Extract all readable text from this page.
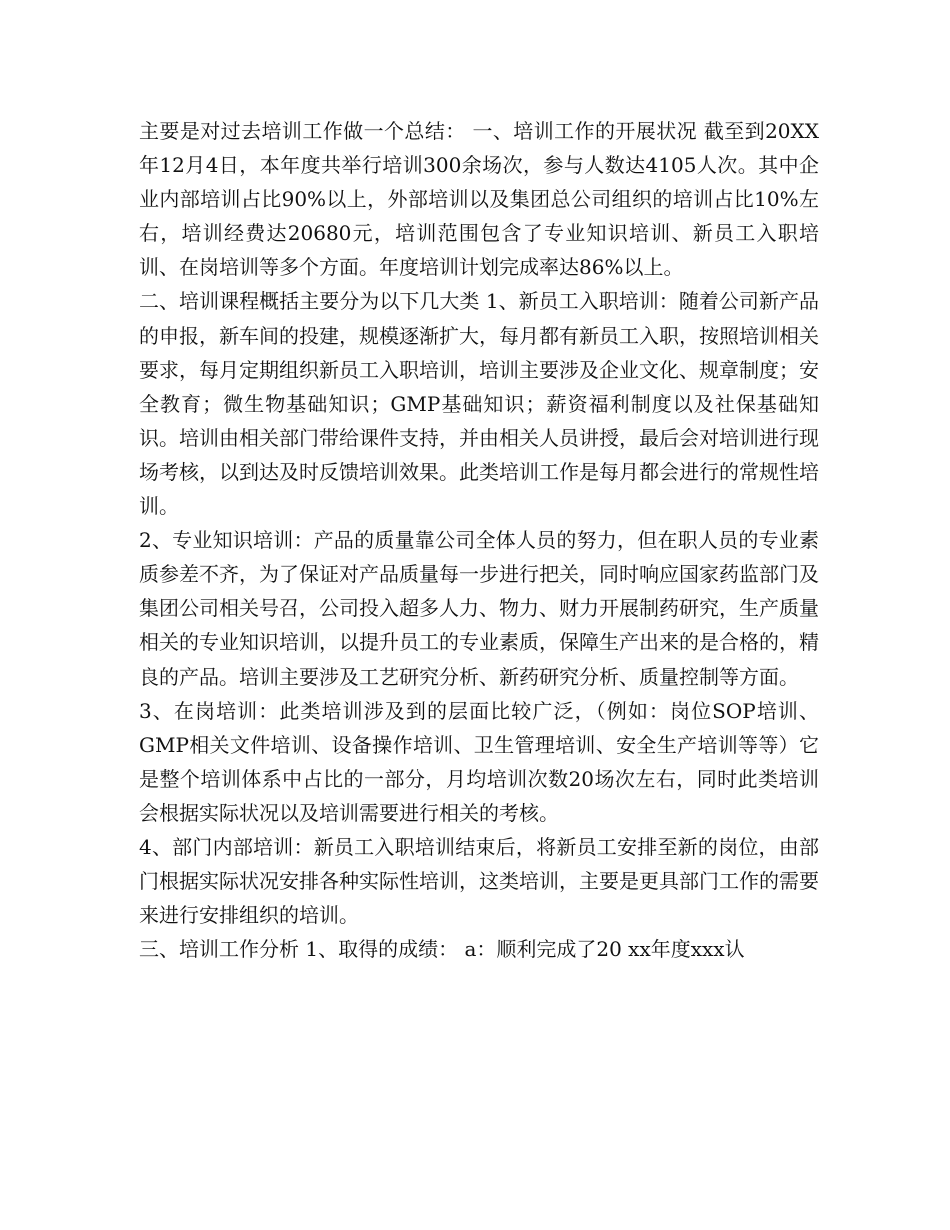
主要是对过去培训工作做一个总结： 一、培训工作的开展状况 截至到20XX年12月4日，本年度共举行培训300余场次，参与人数达4105人次。其中企业内部培训占比90%以上，外部培训以及集团总公司组织的培训占比10%左右，培训经费达20680元，培训范围包含了专业知识培训、新员工入职培训、在岗培训等多个方面。年度培训计划完成率达86%以上。

二、培训课程概括主要分为以下几大类 1、新员工入职培训：随着公司新产品的申报，新车间的投建，规模逐渐扩大，每月都有新员工入职，按照培训相关要求，每月定期组织新员工入职培训，培训主要涉及企业文化、规章制度；安全教育；微生物基础知识；GMP基础知识；薪资福利制度以及社保基础知识。培训由相关部门带给课件支持，并由相关人员讲授，最后会对培训进行现场考核，以到达及时反馈培训效果。此类培训工作是每月都会进行的常规性培训。

2、专业知识培训：产品的质量靠公司全体人员的努力，但在职人员的专业素质参差不齐，为了保证对产品质量每一步进行把关，同时响应国家药监部门及集团公司相关号召，公司投入超多人力、物力、财力开展制药研究，生产质量相关的专业知识培训，以提升员工的专业素质，保障生产出来的是合格的，精良的产品。培训主要涉及工艺研究分析、新药研究分析、质量控制等方面。

3、在岗培训：此类培训涉及到的层面比较广泛，（例如：岗位SOP培训、GMP相关文件培训、设备操作培训、卫生管理培训、安全生产培训等等）它是整个培训体系中占比的一部分，月均培训次数20场次左右，同时此类培训会根据实际状况以及培训需要进行相关的考核。

4、部门内部培训：新员工入职培训结束后，将新员工安排至新的岗位，由部门根据实际状况安排各种实际性培训，这类培训，主要是更具部门工作的需要来进行安排组织的培训。

三、培训工作分析 1、取得的成绩： a：顺利完成了20 xx年度xxx认
